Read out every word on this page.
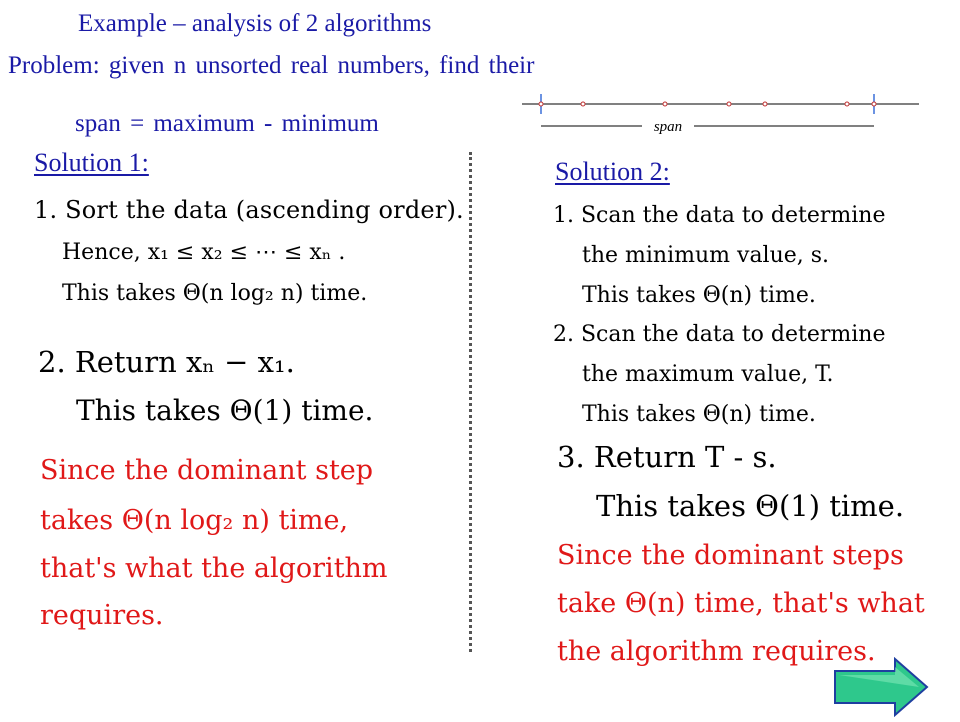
Example – analysis of 2 algorithms
Problem: given n unsorted real numbers, find their
span = maximum - minimum	span
Solution 1:
1. Sort the data (ascending order).
Hence, x₁ ≤ x₂ ≤ ⋯ ≤ xₙ .
This takes Θ(n log₂ n) time.
2. Return xₙ − x₁.
This takes Θ(1) time.
Since the dominant step
takes Θ(n log₂ n) time,
that's what the algorithm
requires.
Solution 2:
1. Scan the data to determine
the minimum value, s.
This takes Θ(n) time.
2. Scan the data to determine
the maximum value, T.
This takes Θ(n) time.
3. Return T - s.
This takes Θ(1) time.
Since the dominant steps
take Θ(n) time, that's what
the algorithm requires.
